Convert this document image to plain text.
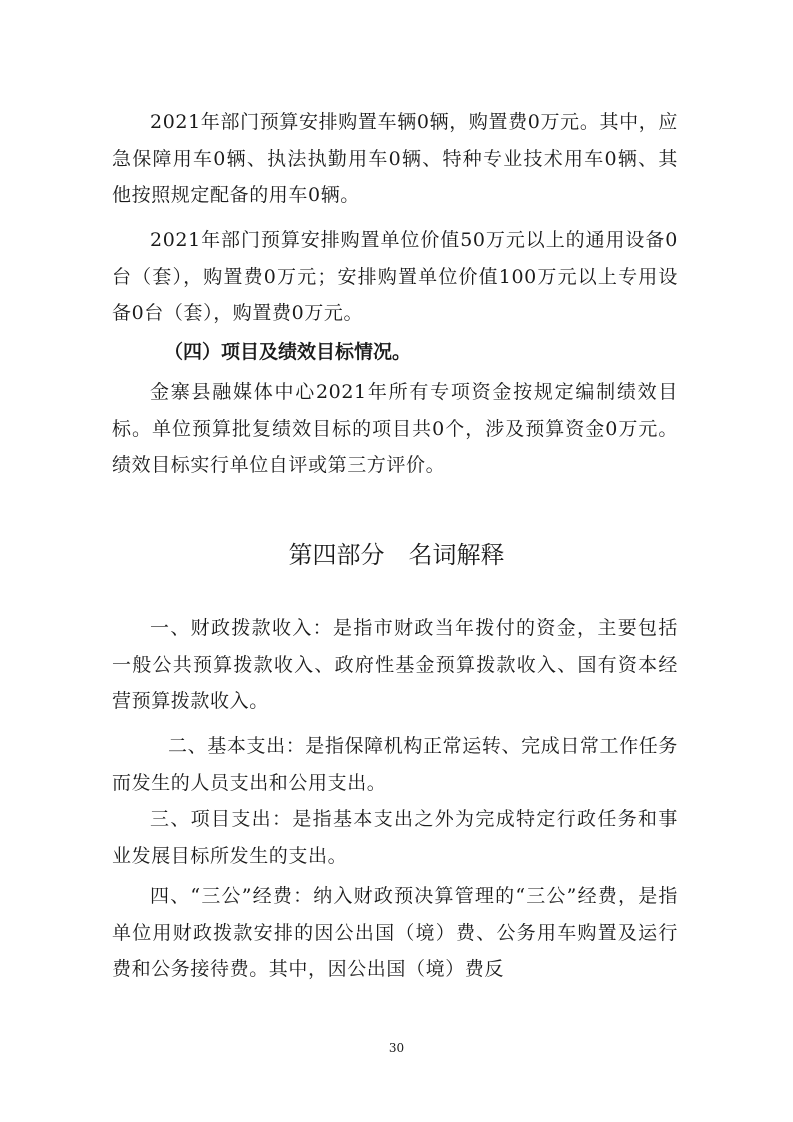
2021年部门预算安排购置车辆0辆，购置费0万元。其中，应急保障用车0辆、执法执勤用车0辆、特种专业技术用车0辆、其他按照规定配备的用车0辆。

2021年部门预算安排购置单位价值50万元以上的通用设备0台（套），购置费0万元；安排购置单位价值100万元以上专用设备0台（套），购置费0万元。

（四）项目及绩效目标情况。

金寨县融媒体中心2021年所有专项资金按规定编制绩效目标。单位预算批复绩效目标的项目共0个，涉及预算资金0万元。绩效目标实行单位自评或第三方评价。

第四部分　名词解释

一、财政拨款收入：是指市财政当年拨付的资金，主要包括一般公共预算拨款收入、政府性基金预算拨款收入、国有资本经营预算拨款收入。

二、基本支出：是指保障机构正常运转、完成日常工作任务而发生的人员支出和公用支出。

三、项目支出：是指基本支出之外为完成特定行政任务和事业发展目标所发生的支出。

四、“三公”经费：纳入财政预决算管理的“三公”经费，是指单位用财政拨款安排的因公出国（境）费、公务用车购置及运行费和公务接待费。其中，因公出国（境）费反

30
